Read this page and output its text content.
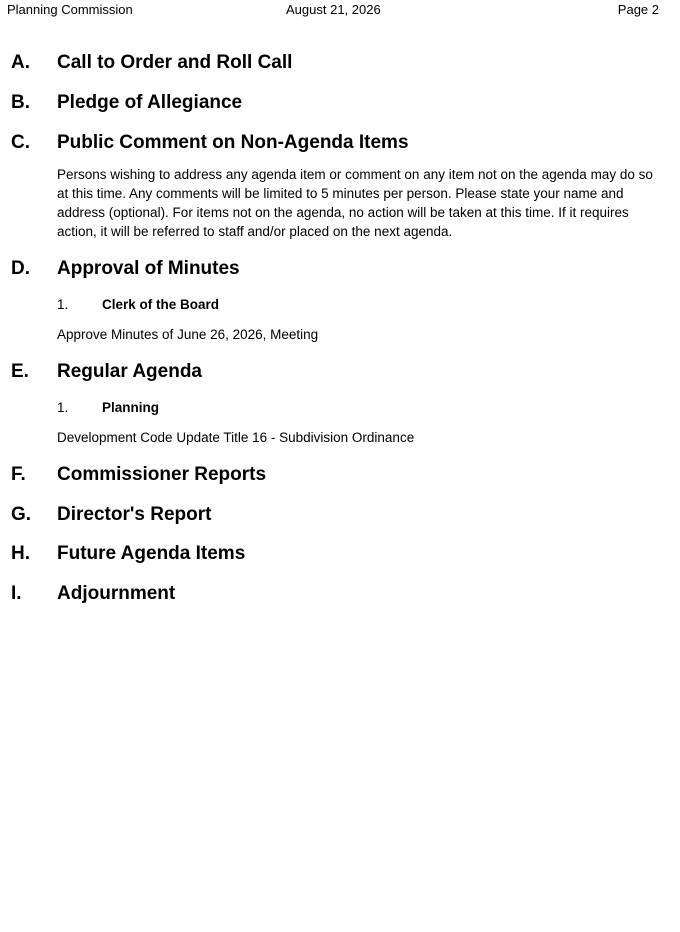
Planning Commission	August 21, 2026	Page 2
A. Call to Order and Roll Call
B. Pledge of Allegiance
C. Public Comment on Non-Agenda Items
Persons wishing to address any agenda item or comment on any item not on the agenda may do so at this time. Any comments will be limited to 5 minutes per person. Please state your name and address (optional). For items not on the agenda, no action will be taken at this time. If it requires action, it will be referred to staff and/or placed on the next agenda.
D. Approval of Minutes
1. Clerk of the Board
Approve Minutes of June 26, 2026, Meeting
E. Regular Agenda
1. Planning
Development Code Update Title 16 - Subdivision Ordinance
F. Commissioner Reports
G. Director's Report
H. Future Agenda Items
I. Adjournment
